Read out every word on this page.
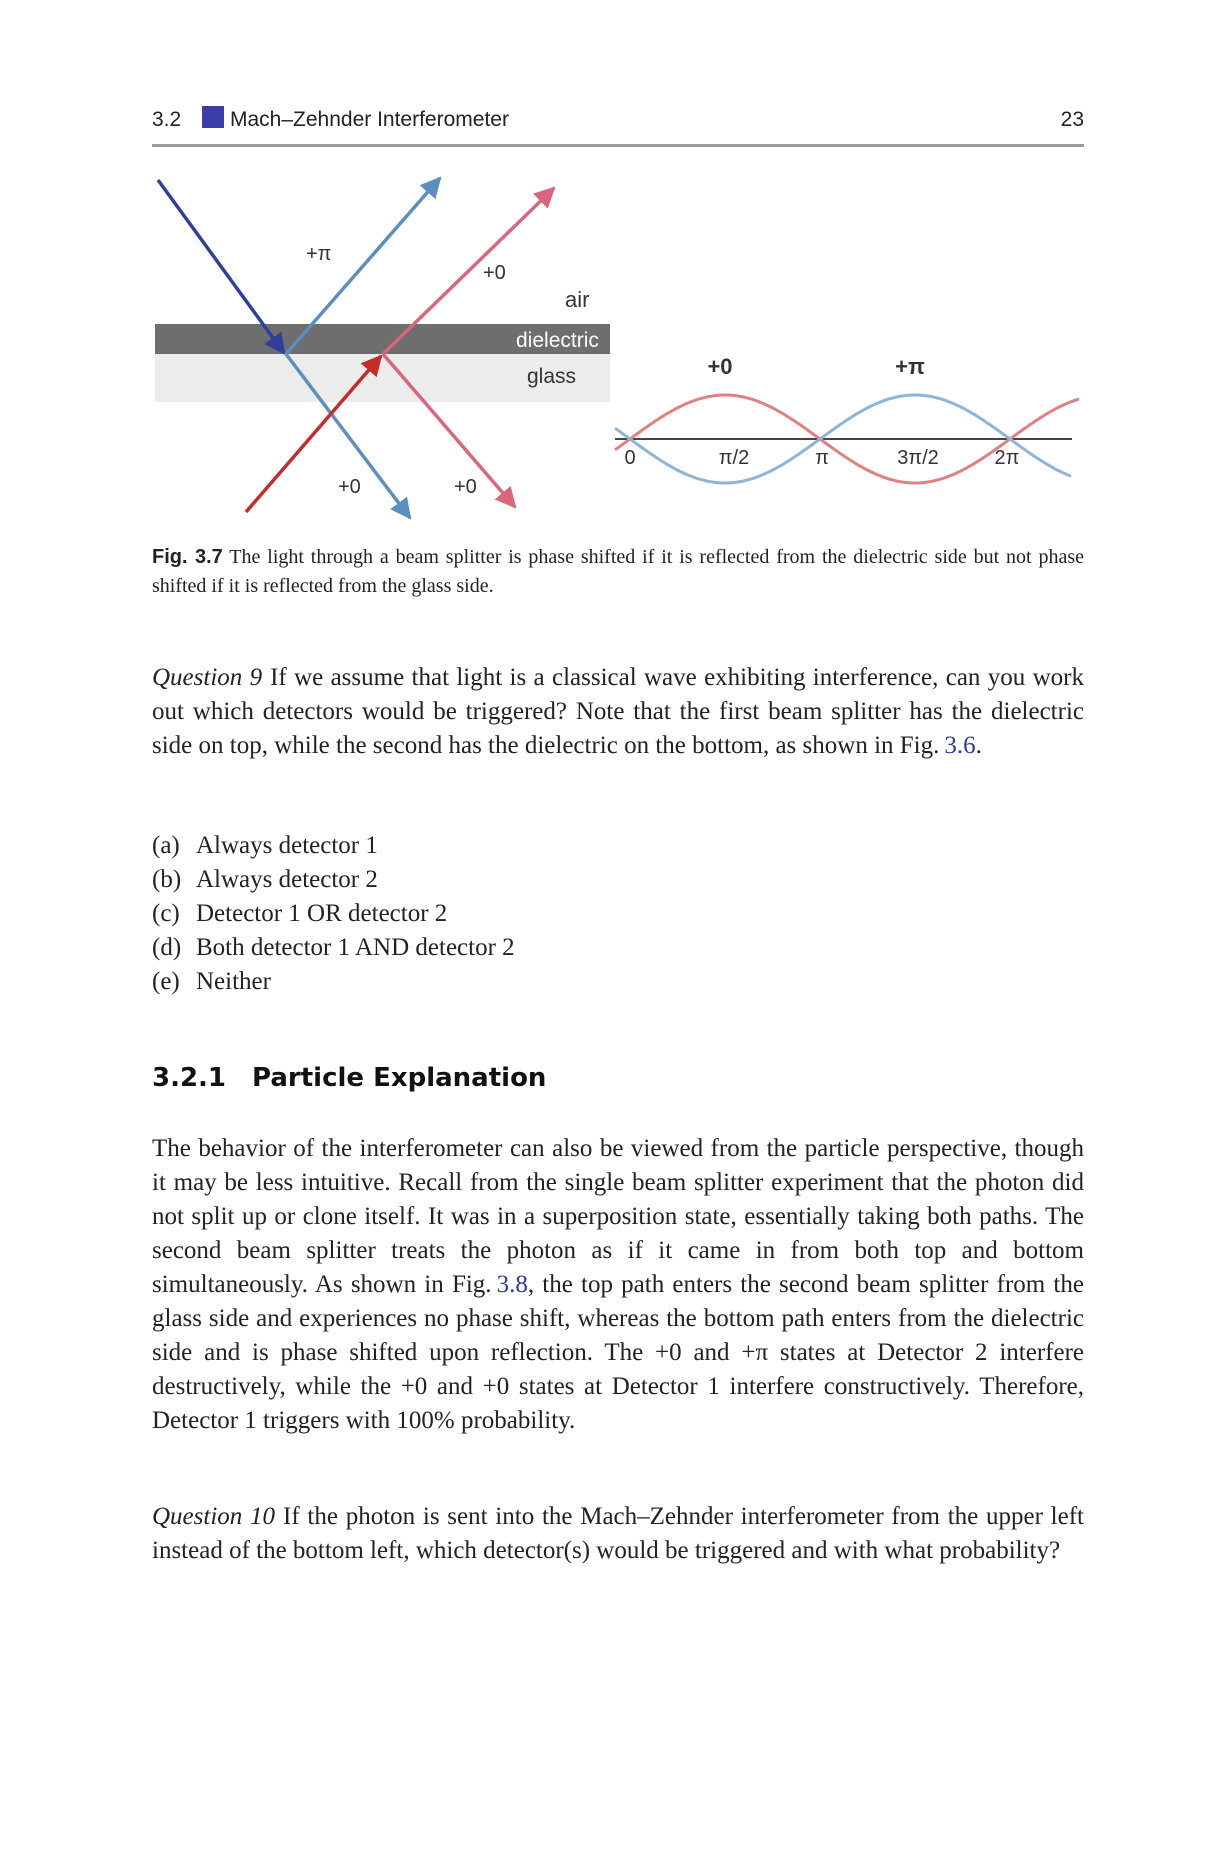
3.2 Mach–Zehnder Interferometer	23
+π
+0
air
dielectric
glass
+0	+0
+0	+π
0	π/2	π	3π/2	2π
Fig. 3.7 The light through a beam splitter is phase shifted if it is reflected from the dielectric side but not phase shifted if it is reflected from the glass side.
Question 9 If we assume that light is a classical wave exhibiting interference, can you work out which detectors would be triggered? Note that the first beam splitter has the dielectric side on top, while the second has the dielectric on the bottom, as shown in Fig.  3.6.
(a) Always detector 1
(b) Always detector 2
(c) Detector 1 OR detector 2
(d) Both detector 1 AND detector 2
(e) Neither
3.2.1 Particle Explanation
The behavior of the interferometer can also be viewed from the particle perspective, though it may be less intuitive. Recall from the single beam splitter experiment that the photon did not split up or clone itself. It was in a superposition state, essentially taking both paths. The second beam splitter treats the photon as if it came in from both top and bottom simultaneously. As shown in Fig.  3.8, the top path enters the second beam splitter from the glass side and experiences no phase shift, whereas the bottom path enters from the dielectric side and is phase shifted upon reflection. The +0 and +π states at Detector 2 interfere destructively, while the +0 and +0 states at Detector 1 interfere constructively. Therefore, Detector 1 triggers with 100% probability.
Question 10 If the photon is sent into the Mach–Zehnder interferometer from the upper left instead of the bottom left, which detector(s) would be triggered and with what probability?
